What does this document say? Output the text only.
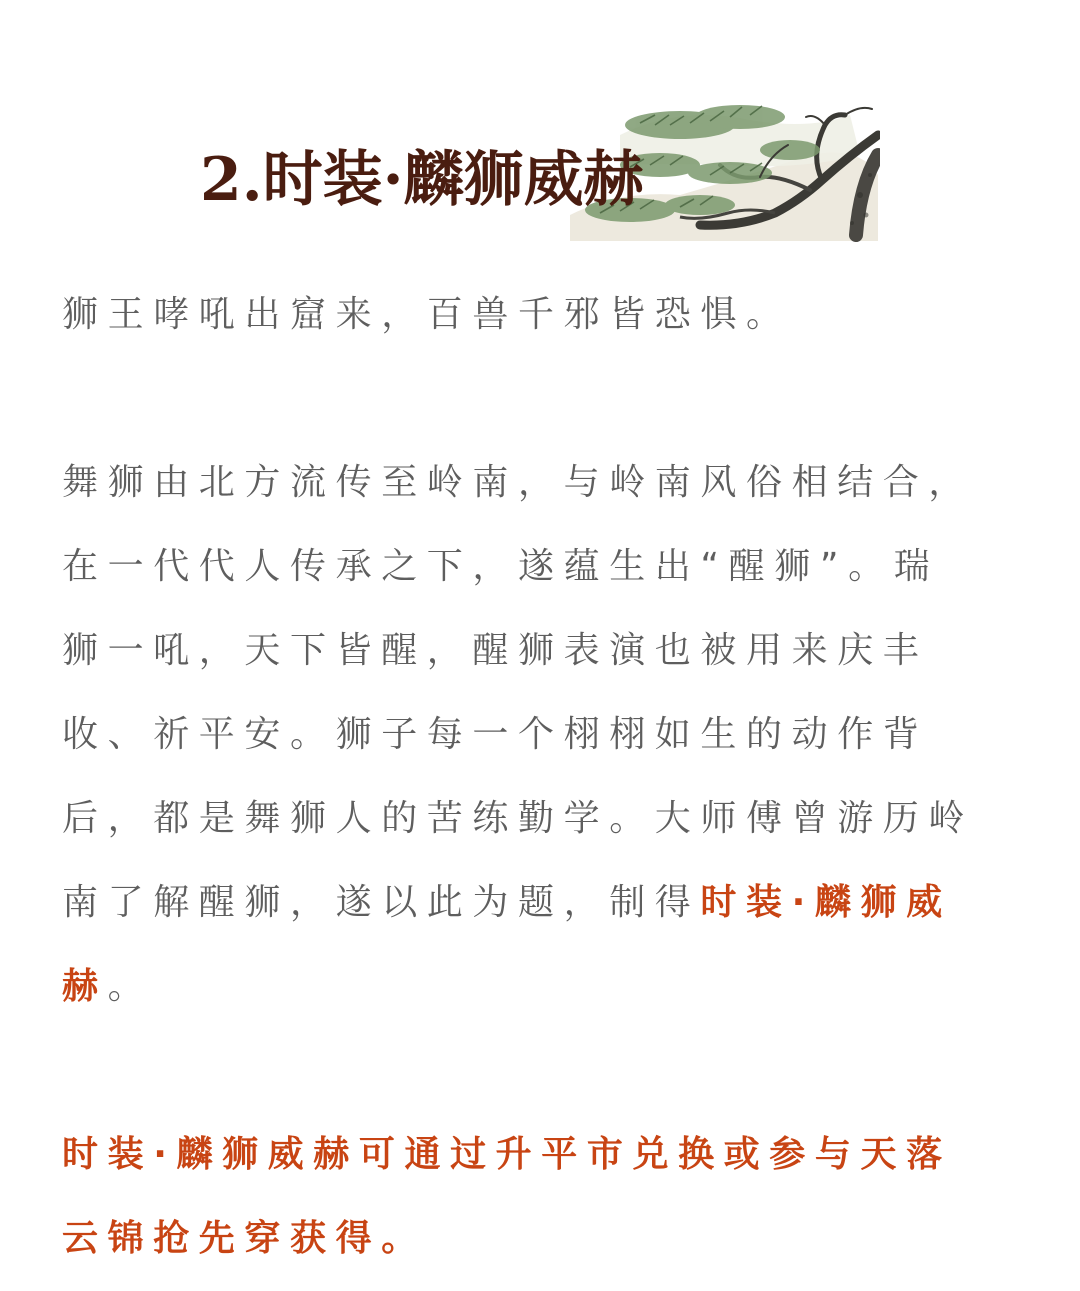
2.时装·麟狮威赫
狮王哮吼出窟来，百兽千邪皆恐惧。
舞狮由北方流传至岭南，与岭南风俗相结合，
在一代代人传承之下，遂蕴生出“醒狮”。瑞
狮一吼，天下皆醒，醒狮表演也被用来庆丰
收、祈平安。狮子每一个栩栩如生的动作背
后，都是舞狮人的苦练勤学。大师傅曾游历岭
南了解醒狮，遂以此为题，制得时装·麟狮威
赫。
时装·麟狮威赫可通过升平市兑换或参与天落
云锦抢先穿获得。
